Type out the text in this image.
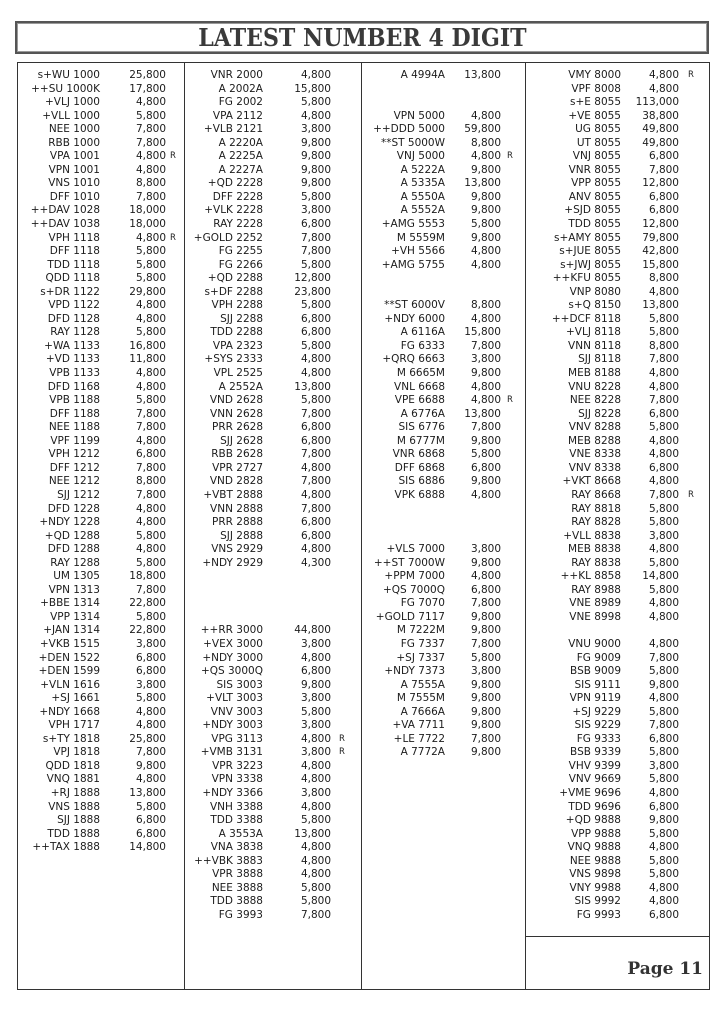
LATEST NUMBER 4 DIGIT
s+WU 1000	25,800
++SU 1000K	17,800
+VLJ 1000	4,800
+VLL 1000	5,800
NEE 1000	7,800
RBB 1000	7,800
VPA 1001	4,800 R
VPN 1001	4,800
VNS 1010	8,800
DFF 1010	7,800
++DAV 1028	18,000
++DAV 1038	18,000
VPH 1118	4,800 R
DFF 1118	5,800
TDD 1118	5,800
QDD 1118	5,800
s+DR 1122	29,800
VPD 1122	4,800
DFD 1128	4,800
RAY 1128	5,800
+WA 1133	16,800
+VD 1133	11,800
VPB 1133	4,800
DFD 1168	4,800
VPB 1188	5,800
DFF 1188	7,800
NEE 1188	7,800
VPF 1199	4,800
VPH 1212	6,800
DFF 1212	7,800
NEE 1212	8,800
SJJ 1212	7,800
DFD 1228	4,800
+NDY 1228	4,800
+QD 1288	5,800
DFD 1288	4,800
RAY 1288	5,800
UM 1305	18,800
VPN 1313	7,800
+BBE 1314	22,800
VPP 1314	5,800
+JAN 1314	22,800
+VKB 1515	3,800
+DEN 1522	6,800
+DEN 1599	6,800
+VLN 1616	3,800
+SJ 1661	5,800
+NDY 1668	4,800
VPH 1717	4,800
s+TY 1818	25,800
VPJ 1818	7,800
QDD 1818	9,800
VNQ 1881	4,800
+RJ 1888	13,800
VNS 1888	5,800
SJJ 1888	6,800
TDD 1888	6,800
++TAX 1888	14,800
VNR 2000	4,800
A 2002A	15,800
FG 2002	5,800
VPA 2112	4,800
+VLB 2121	3,800
A 2220A	9,800
A 2225A	9,800
A 2227A	9,800
+QD 2228	9,800
DFF 2228	5,800
+VLK 2228	3,800
RAY 2228	6,800
+GOLD 2252	7,800
FG 2255	7,800
FG 2266	5,800
+QD 2288	12,800
s+DF 2288	23,800
VPH 2288	5,800
SJJ 2288	6,800
TDD 2288	6,800
VPA 2323	5,800
+SYS 2333	4,800
VPL 2525	4,800
A 2552A	13,800
VND 2628	5,800
VNN 2628	7,800
PRR 2628	6,800
SJJ 2628	6,800
RBB 2628	7,800
VPR 2727	4,800
VND 2828	7,800
+VBT 2888	4,800
VNN 2888	7,800
PRR 2888	6,800
SJJ 2888	6,800
VNS 2929	4,800
+NDY 2929	4,300
++RR 3000	44,800
+VEX 3000	3,800
+NDY 3000	4,800
+QS 3000Q	6,800
SIS 3003	9,800
+VLT 3003	3,800
VNV 3003	5,800
+NDY 3003	3,800
VPG 3113	4,800 R
+VMB 3131	3,800 R
VPR 3223	4,800
VPN 3338	4,800
+NDY 3366	3,800
VNH 3388	4,800
TDD 3388	5,800
A 3553A	13,800
VNA 3838	4,800
++VBK 3883	4,800
VPR 3888	4,800
NEE 3888	5,800
TDD 3888	5,800
FG 3993	7,800
A 4994A 13,800
VPN 5000 4,800
++DDD 5000 59,800
**ST 5000W 8,800
VNJ 5000 4,800 R
A 5222A 9,800
A 5335A 13,800
A 5550A 9,800
A 5552A 9,800
+AMG 5553 5,800
M 5559M 9,800
+VH 5566 4,800
+AMG 5755 4,800
**ST 6000V 8,800
+NDY 6000 4,800
A 6116A 15,800
FG 6333 7,800
+QRQ 6663 3,800
M 6665M 9,800
VNL 6668 4,800
VPE 6688 4,800 R
A 6776A 13,800
SIS 6776 7,800
M 6777M 9,800
VNR 6868 5,800
DFF 6868 6,800
SIS 6886 9,800
VPK 6888 4,800
+VLS 7000 3,800
++ST 7000W 9,800
+PPM 7000 4,800
+QS 7000Q 6,800
FG 7070 7,800
+GOLD 7117 9,800
M 7222M 9,800
FG 7337 7,800
+SJ 7337 5,800
+NDY 7373 3,800
A 7555A 9,800
M 7555M 9,800
A 7666A 9,800
+VA 7711 9,800
+LE 7722 7,800
A 7772A 9,800
VMY 8000	4,800 R
VPF 8008	4,800
s+E 8055 113,000
+VE 8055 38,800
UG 8055 49,800
UT 8055 49,800
VNJ 8055	6,800
VNR 8055	7,800
VPP 8055 12,800
ANV 8055	6,800
+SJD 8055	6,800
TDD 8055 12,800
s+AMY 8055 79,800
s+JUE 8055 42,800
s+JWJ 8055 15,800
++KFU 8055	8,800
VNP 8080	4,800
s+Q 8150 13,800
++DCF 8118	5,800
+VLJ 8118	5,800
VNN 8118	8,800
SJJ 8118	7,800
MEB 8188	4,800
VNU 8228	4,800
NEE 8228	7,800
SJJ 8228	6,800
VNV 8288	5,800
MEB 8288	4,800
VNE 8338	4,800
VNV 8338	6,800
+VKT 8668	4,800
RAY 8668	7,800 R
RAY 8818	5,800
RAY 8828	5,800
+VLL 8838	3,800
MEB 8838	4,800
RAY 8838	5,800
++KL 8858 14,800
RAY 8988	5,800
VNE 8989	4,800
VNE 8998	4,800
VNU 9000	4,800
FG 9009	7,800
BSB 9009	5,800
SIS 9111	9,800
VPN 9119	4,800
+SJ 9229	5,800
SIS 9229	7,800
FG 9333	6,800
BSB 9339	5,800
VHV 9399	3,800
VNV 9669	5,800
+VME 9696	4,800
TDD 9696	6,800
+QD 9888	9,800
VPP 9888	5,800
VNQ 9888	4,800
NEE 9888	5,800
VNS 9898	5,800
VNY 9988	4,800
SIS 9992	4,800
FG 9993	6,800
Page 11
